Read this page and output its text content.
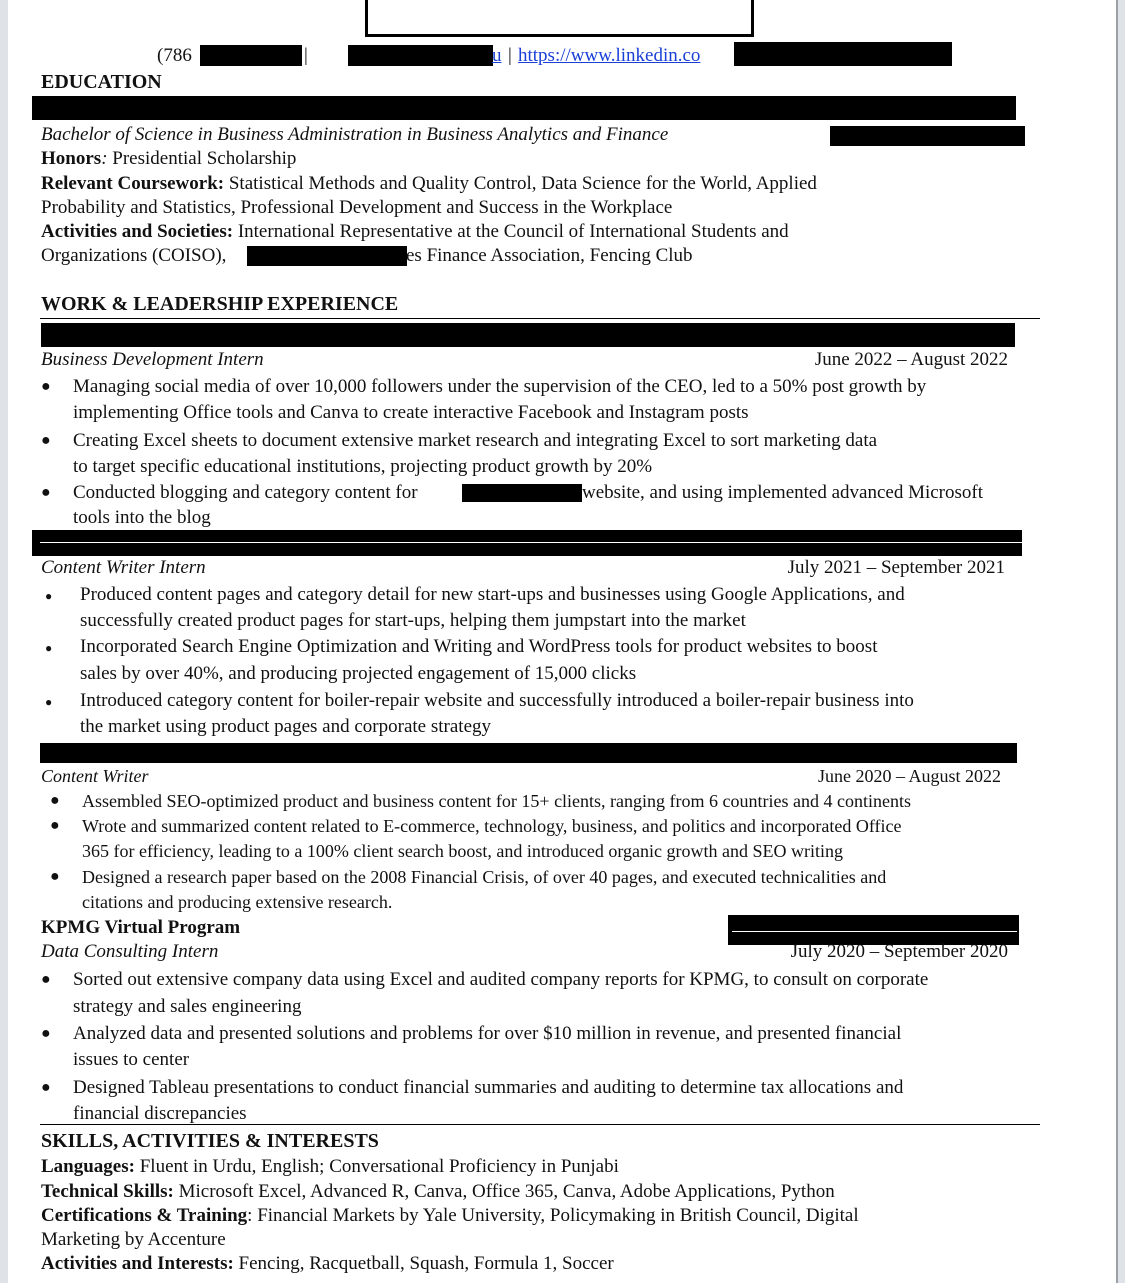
(786	|	u | https://www.linkedin.co
EDUCATION
Bachelor of Science in Business Administration in Business Analytics and Finance
Honors: Presidential Scholarship
Relevant Coursework: Statistical Methods and Quality Control, Data Science for the World, Applied
Probability and Statistics, Professional Development and Success in the Workplace
Activities and Societies: International Representative at the Council of International Students and
Organizations (COISO),	es Finance Association, Fencing Club
WORK & LEADERSHIP EXPERIENCE
Business Development Intern	June 2022 – August 2022
● Managing social media of over 10,000 followers under the supervision of the CEO, led to a 50% post growth by
implementing Office tools and Canva to create interactive Facebook and Instagram posts
● Creating Excel sheets to document extensive market research and integrating Excel to sort marketing data
to target specific educational institutions, projecting product growth by 20%
● Conducted blogging and category content for	website, and using implemented advanced Microsoft
tools into the blog
Content Writer Intern	July 2021 – September 2021
● Produced content pages and category detail for new start-ups and businesses using Google Applications, and
successfully created product pages for start-ups, helping them jumpstart into the market
● Incorporated Search Engine Optimization and Writing and WordPress tools for product websites to boost
sales by over 40%, and producing projected engagement of 15,000 clicks
● Introduced category content for boiler-repair website and successfully introduced a boiler-repair business into
the market using product pages and corporate strategy
Content Writer	June 2020 – August 2022
● Assembled SEO-optimized product and business content for 15+ clients, ranging from 6 countries and 4 continents
● Wrote and summarized content related to E-commerce, technology, business, and politics and incorporated Office
365 for efficiency, leading to a 100% client search boost, and introduced organic growth and SEO writing
● Designed a research paper based on the 2008 Financial Crisis, of over 40 pages, and executed technicalities and
citations and producing extensive research.
KPMG Virtual Program
Data Consulting Intern	July 2020 – September 2020
● Sorted out extensive company data using Excel and audited company reports for KPMG, to consult on corporate
strategy and sales engineering
● Analyzed data and presented solutions and problems for over $10 million in revenue, and presented financial
issues to center
● Designed Tableau presentations to conduct financial summaries and auditing to determine tax allocations and
financial discrepancies
SKILLS, ACTIVITIES & INTERESTS
Languages: Fluent in Urdu, English; Conversational Proficiency in Punjabi
Technical Skills: Microsoft Excel, Advanced R, Canva, Office 365, Canva, Adobe Applications, Python
Certifications & Training: Financial Markets by Yale University, Policymaking in British Council, Digital
Marketing by Accenture
Activities and Interests: Fencing, Racquetball, Squash, Formula 1, Soccer
